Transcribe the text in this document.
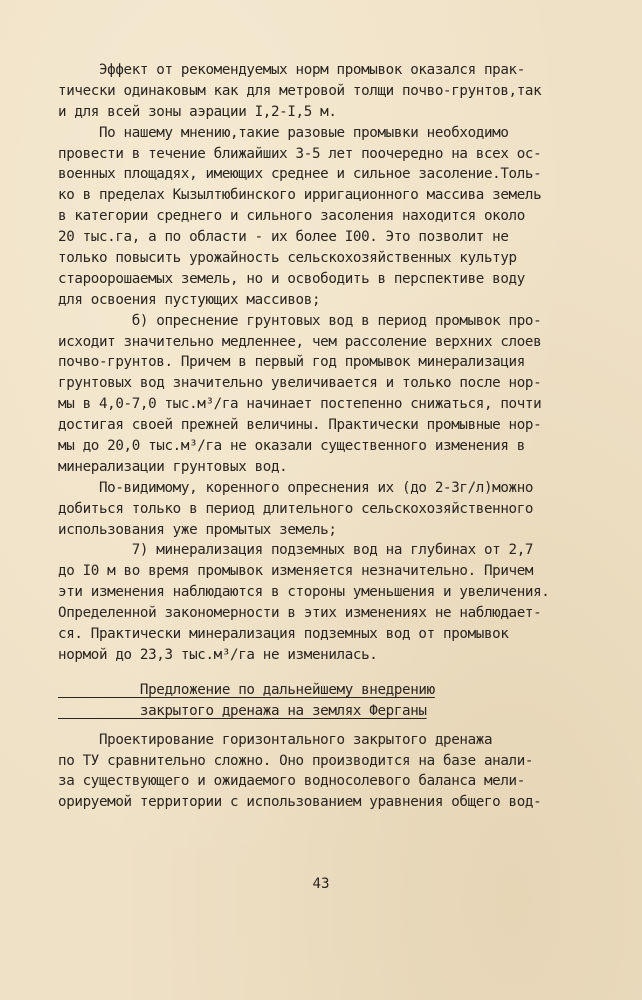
Эффект от рекомендуемых норм промывок оказался прак-
тически одинаковым как для метровой толщи почво-грунтов,так
и для всей зоны аэрации I,2-I,5 м.
По нашему мнению,такие разовые промывки необходимо
провести в течение ближайших 3-5 лет поочередно на всех ос-
военных площадях, имеющих среднее и сильное засоление.Толь-
ко в пределах Кызылтюбинского ирригационного массива земель
в категории среднего и сильного засоления находится около
20 тыс.га, а по области - их более I00. Это позволит не
только повысить урожайность сельскохозяйственных культур
староорошаемых земель, но и освободить в перспективе воду
для освоения пустующих массивов;
б) опреснение грунтовых вод в период промывок про-
исходит значительно медленнее, чем рассоление верхних слоев
почво-грунтов. Причем в первый год промывок минерализация
грунтовых вод значительно увеличивается и только после нор-
мы в 4,0-7,0 тыс.м³/га начинает постепенно снижаться, почти
достигая своей прежней величины. Практически промывные нор-
мы до 20,0 тыс.м³/га не оказали существенного изменения в
минерализации грунтовых вод.
По-видимому, коренного опреснения их (до 2-3г/л)можно
добиться только в период длительного сельскохозяйственного
использования уже промытых земель;
7) минерализация подземных вод на глубинах от 2,7
до I0 м во время промывок изменяется незначительно. Причем
эти изменения наблюдаются в стороны уменьшения и увеличения.
Определенной закономерности в этих изменениях не наблюдает-
ся. Практически минерализация подземных вод от промывок
нормой до 23,3 тыс.м³/га не изменилась.
Предложение по дальнейшему внедрению
закрытого дренажа на землях Ферганы
Проектирование горизонтального закрытого дренажа
по ТУ сравнительно сложно. Оно производится на базе анали-
за существующего и ожидаемого водносолевого баланса мели-
орируемой территории с использованием уравнения общего вод-
43
